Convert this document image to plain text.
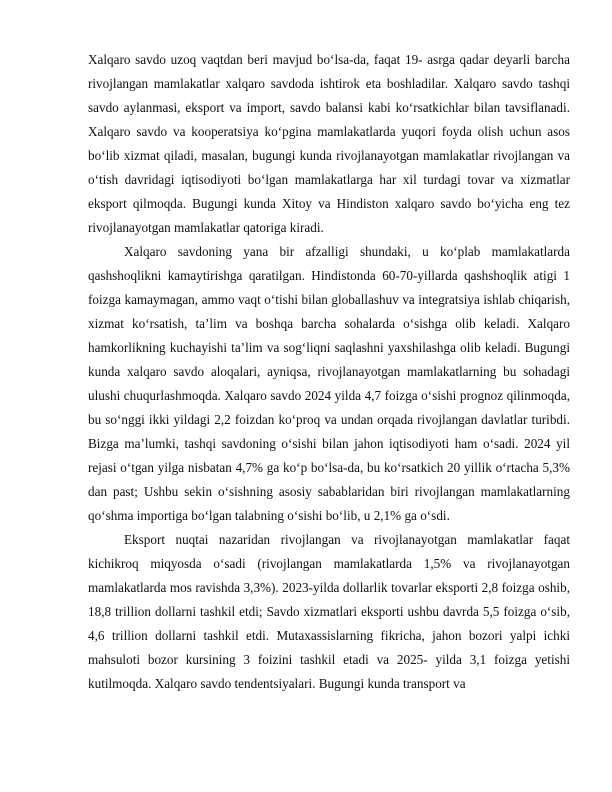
Xalqaro savdo uzoq vaqtdan beri mavjud bo‘lsa-da, faqat 19- asrga qadar deyarli barcha rivojlangan mamlakatlar xalqaro savdoda ishtirok eta boshladilar. Xalqaro savdo tashqi savdo aylanmasi, eksport va import, savdo balansi kabi ko‘rsatkichlar bilan tavsiflanadi. Xalqaro savdo va kooperatsiya ko‘pgina mamlakatlarda yuqori foyda olish uchun asos bo‘lib xizmat qiladi, masalan, bugungi kunda rivojlanayotgan mamlakatlar rivojlangan va o‘tish davridagi iqtisodiyoti bo‘lgan mamlakatlarga har xil turdagi tovar va xizmatlar eksport qilmoqda. Bugungi kunda Xitoy va Hindiston xalqaro savdo bo‘yicha eng tez rivojlanayotgan mamlakatlar qatoriga kiradi.

Xalqaro savdoning yana bir afzalligi shundaki, u ko‘plab mamlakatlarda qashshoqlikni kamaytirishga qaratilgan. Hindistonda 60-70-yillarda qashshoqlik atigi 1 foizga kamaymagan, ammo vaqt o‘tishi bilan globallashuv va integratsiya ishlab chiqarish, xizmat ko‘rsatish, ta’lim va boshqa barcha sohalarda o‘sishga olib keladi. Xalqaro hamkorlikning kuchayishi ta’lim va sog‘liqni saqlashni yaxshilashga olib keladi. Bugungi kunda xalqaro savdo aloqalari, ayniqsa, rivojlanayotgan mamlakatlarning bu sohadagi ulushi chuqurlashmoqda. Xalqaro savdo 2024 yilda 4,7 foizga o‘sishi prognoz qilinmoqda, bu so‘nggi ikki yildagi 2,2 foizdan ko‘proq va undan orqada rivojlangan davlatlar turibdi. Bizga ma’lumki, tashqi savdoning o‘sishi bilan jahon iqtisodiyoti ham o‘sadi. 2024 yil rejasi o‘tgan yilga nisbatan 4,7% ga ko‘p bo‘lsa-da, bu ko‘rsatkich 20 yillik o‘rtacha 5,3% dan past; Ushbu sekin o‘sishning asosiy sabablaridan biri rivojlangan mamlakatlarning qo‘shma importiga bo‘lgan talabning o‘sishi bo‘lib, u 2,1% ga o‘sdi.

Eksport nuqtai nazaridan rivojlangan va rivojlanayotgan mamlakatlar faqat kichikroq miqyosda o‘sadi (rivojlangan mamlakatlarda 1,5% va rivojlanayotgan mamlakatlarda mos ravishda 3,3%). 2023-yilda dollarlik tovarlar eksporti 2,8 foizga oshib, 18,8 trillion dollarni tashkil etdi; Savdo xizmatlari eksporti ushbu davrda 5,5 foizga o‘sib, 4,6 trillion dollarni tashkil etdi. Mutaxassislarning fikricha, jahon bozori yalpi ichki mahsuloti bozor kursining 3 foizini tashkil etadi va 2025- yilda 3,1 foizga yetishi kutilmoqda. Xalqaro savdo tendentsiyalari. Bugungi kunda transport va
